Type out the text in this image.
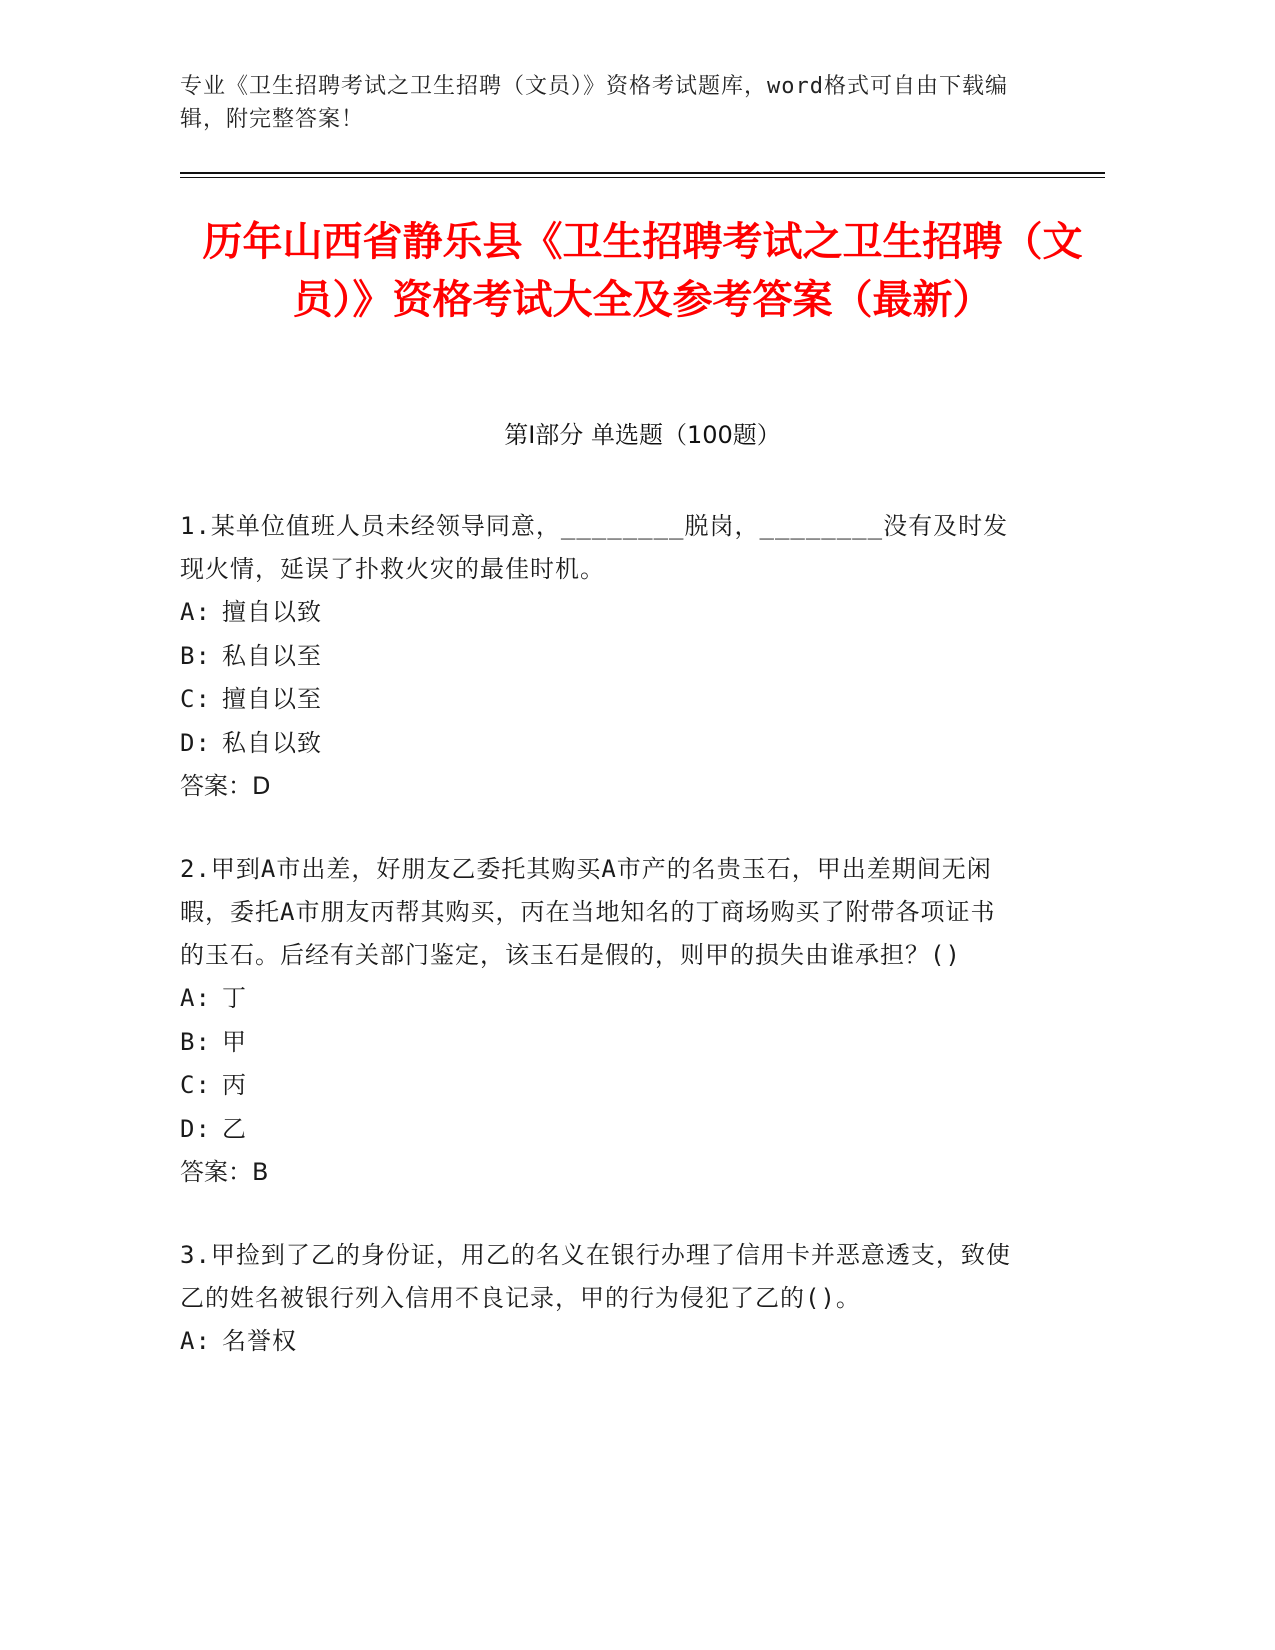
专业《卫生招聘考试之卫生招聘（文员）》资格考试题库，word格式可自由下载编辑，附完整答案！
历年山西省静乐县《卫生招聘考试之卫生招聘（文员）》资格考试大全及参考答案（最新）
第Ⅰ部分 单选题（100题）

1.某单位值班人员未经领导同意，________脱岗，________没有及时发现火情，延误了扑救火灾的最佳时机。

A: 擅自以致

B: 私自以至

C: 擅自以至

D: 私自以致

答案：D

2.甲到A市出差，好朋友乙委托其购买A市产的名贵玉石，甲出差期间无闲暇，委托A市朋友丙帮其购买，丙在当地知名的丁商场购买了附带各项证书的玉石。后经有关部门鉴定，该玉石是假的，则甲的损失由谁承担？()

A: 丁

B: 甲

C: 丙

D: 乙

答案：B

3.甲捡到了乙的身份证，用乙的名义在银行办理了信用卡并恶意透支，致使乙的姓名被银行列入信用不良记录，甲的行为侵犯了乙的()。

A: 名誉权
